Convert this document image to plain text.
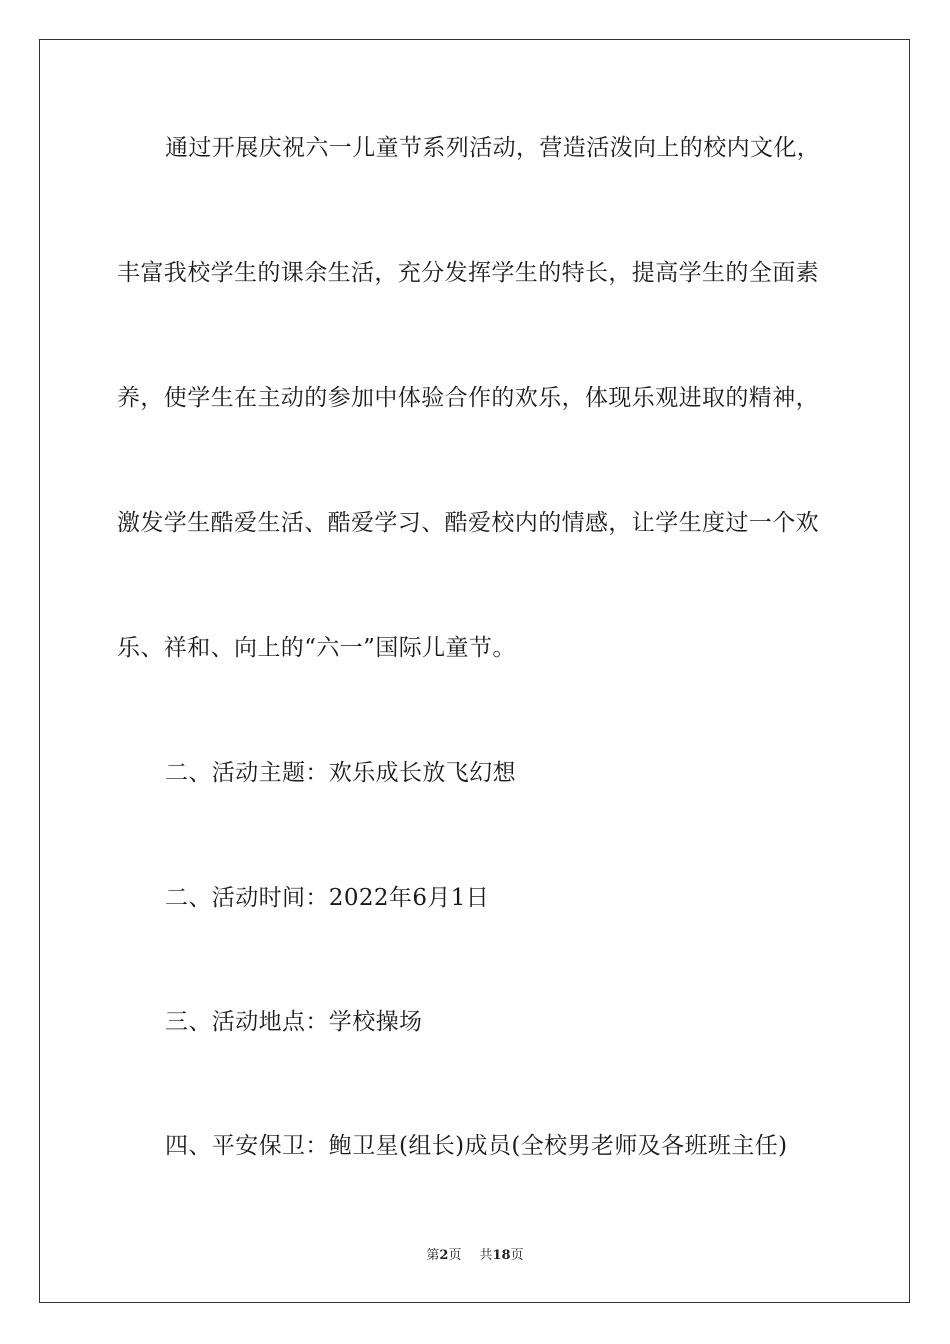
通过开展庆祝六一儿童节系列活动，营造活泼向上的校内文化，
丰富我校学生的课余生活，充分发挥学生的特长，提高学生的全面素
养，使学生在主动的参加中体验合作的欢乐，体现乐观进取的精神，
激发学生酷爱生活、酷爱学习、酷爱校内的情感，让学生度过一个欢
乐、祥和、向上的“六一”国际儿童节。
二、活动主题：欢乐成长放飞幻想
二、活动时间：2022年6月1日
三、活动地点：学校操场
四、平安保卫：鲍卫星(组长)成员(全校男老师及各班班主任)
第2页 共18页
